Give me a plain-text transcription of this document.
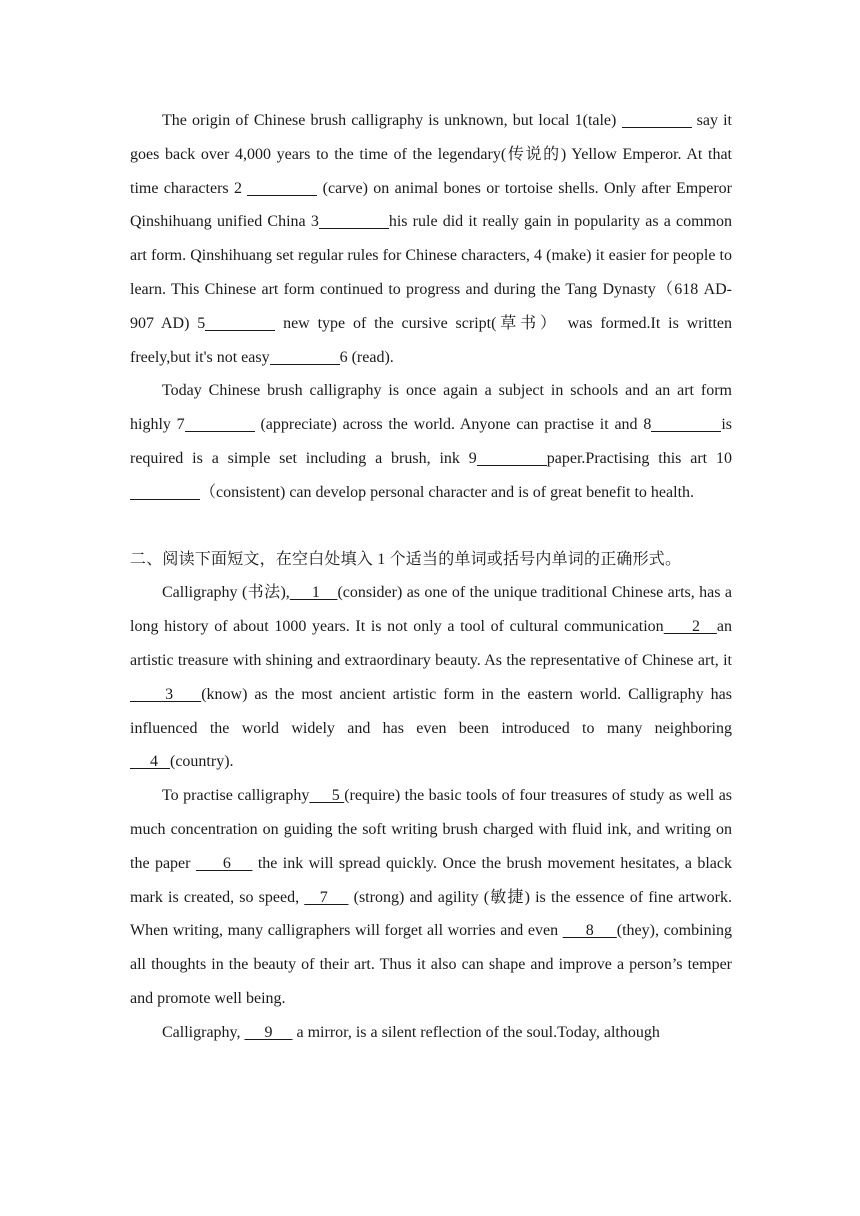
The origin of Chinese brush calligraphy is unknown, but local 1(tale)	say it goes back over 4,000 years to the time of the legendary(传说的) Yellow Emperor. At that time characters 2	(carve) on animal bones or tortoise shells. Only after Emperor Qinshihuang unified China 3	his rule did it really gain in popularity as a common art form. Qinshihuang set regular rules for Chinese characters, 4 (make) it easier for people to learn. This Chinese art form continued to progress and during the Tang Dynasty（618 AD-907 AD) 5	new type of the cursive script(草书） was formed.It is written freely,but it's not easy	6 (read).

Today Chinese brush calligraphy is once again a subject in schools and an art form highly 7	(appreciate) across the world. Anyone can practise it and 8	is required is a simple set including a brush, ink 9	paper.Practising this art 10（consistent) can develop personal character and is of great benefit to health.

二、阅读下面短文，在空白处填入 1 个适当的单词或括号内单词的正确形式。

Calligraphy (书法),     1    (consider) as one of the unique traditional Chinese arts, has a long history of about 1000 years. It is not only a tool of cultural communication     2   an artistic treasure with shining and extraordinary beauty. As the representative of Chinese art, it     3    (know) as the most ancient artistic form in the eastern world. Calligraphy has influenced the world widely and has even been introduced to many neighboring     4   (country).

To practise calligraphy     5 (require) the basic tools of four treasures of study as well as much concentration on guiding the soft writing brush charged with fluid ink, and writing on the paper      6     the ink will spread quickly. Once the brush movement hesitates, a black mark is created, so speed,    7     (strong) and agility (敏捷) is the essence of fine artwork. When writing, many calligraphers will forget all worries and even      8     (they), combining all thoughts in the beauty of their art. Thus it also can shape and improve a person’s temper and promote well being.

Calligraphy,      9      a mirror, is a silent reflection of the soul.Today, although
